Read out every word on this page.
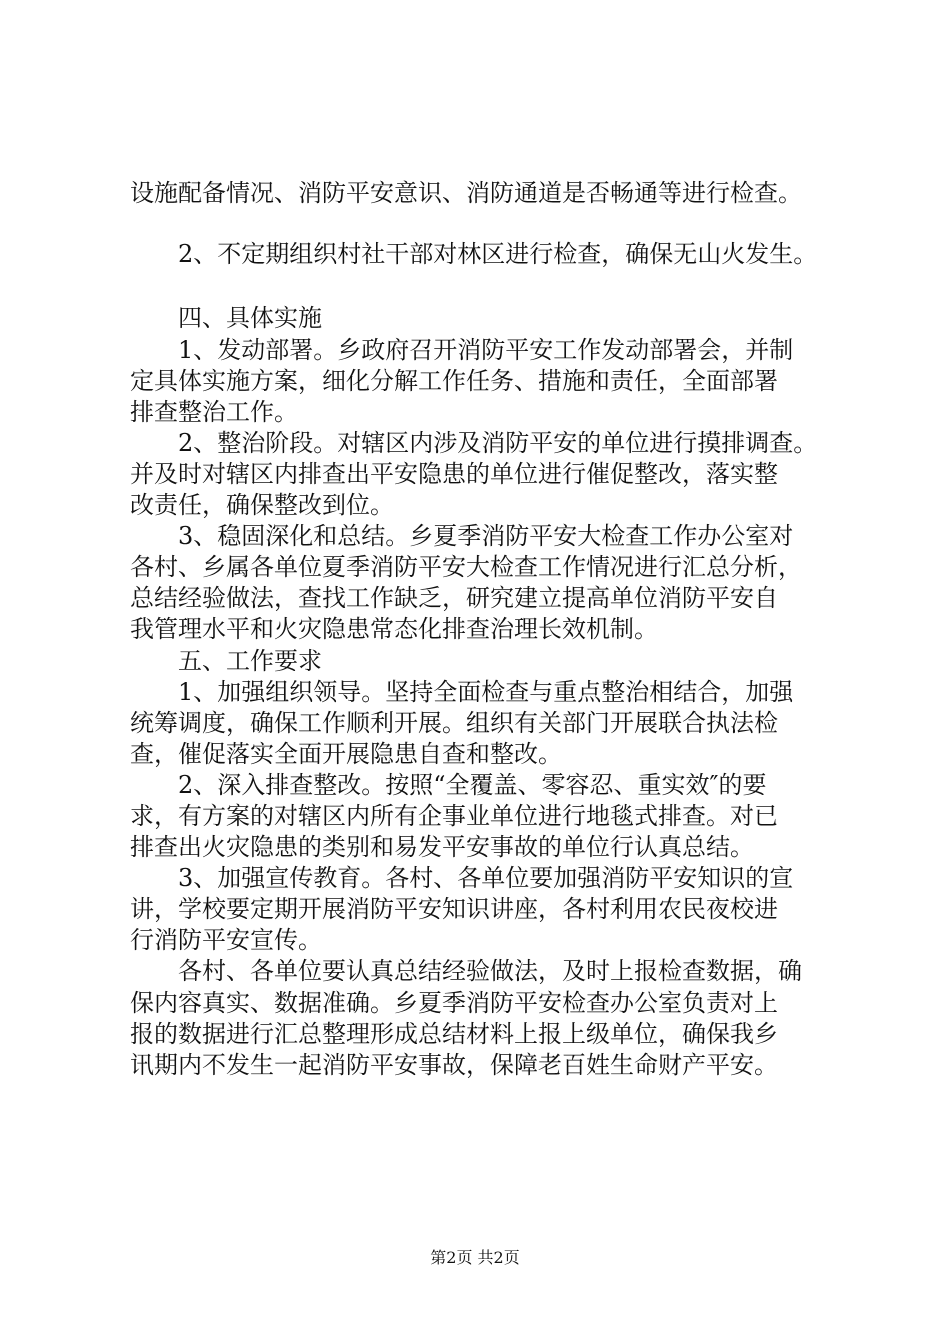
设施配备情况、消防平安意识、消防通道是否畅通等进行检查。
2、不定期组织村社干部对林区进行检查，确保无山火发生。
四、具体实施
1、发动部署。乡政府召开消防平安工作发动部署会，并制
定具体实施方案，细化分解工作任务、措施和责任，全面部署
排查整治工作。
2、整治阶段。对辖区内涉及消防平安的单位进行摸排调查。
并及时对辖区内排查出平安隐患的单位进行催促整改，落实整
改责任，确保整改到位。
3、稳固深化和总结。乡夏季消防平安大检查工作办公室对
各村、乡属各单位夏季消防平安大检查工作情况进行汇总分析，
总结经验做法，查找工作缺乏，研究建立提高单位消防平安自
我管理水平和火灾隐患常态化排查治理长效机制。
五、工作要求
1、加强组织领导。坚持全面检查与重点整治相结合，加强
统筹调度，确保工作顺利开展。组织有关部门开展联合执法检
查，催促落实全面开展隐患自查和整改。
2、深入排查整改。按照“全覆盖、零容忍、重实效″的要
求，有方案的对辖区内所有企事业单位进行地毯式排查。对已
排查出火灾隐患的类别和易发平安事故的单位行认真总结。
3、加强宣传教育。各村、各单位要加强消防平安知识的宣
讲，学校要定期开展消防平安知识讲座，各村利用农民夜校进
行消防平安宣传。
各村、各单位要认真总结经验做法，及时上报检查数据，确
保内容真实、数据准确。乡夏季消防平安检查办公室负责对上
报的数据进行汇总整理形成总结材料上报上级单位，确保我乡
讯期内不发生一起消防平安事故，保障老百姓生命财产平安。
第2页 共2页
